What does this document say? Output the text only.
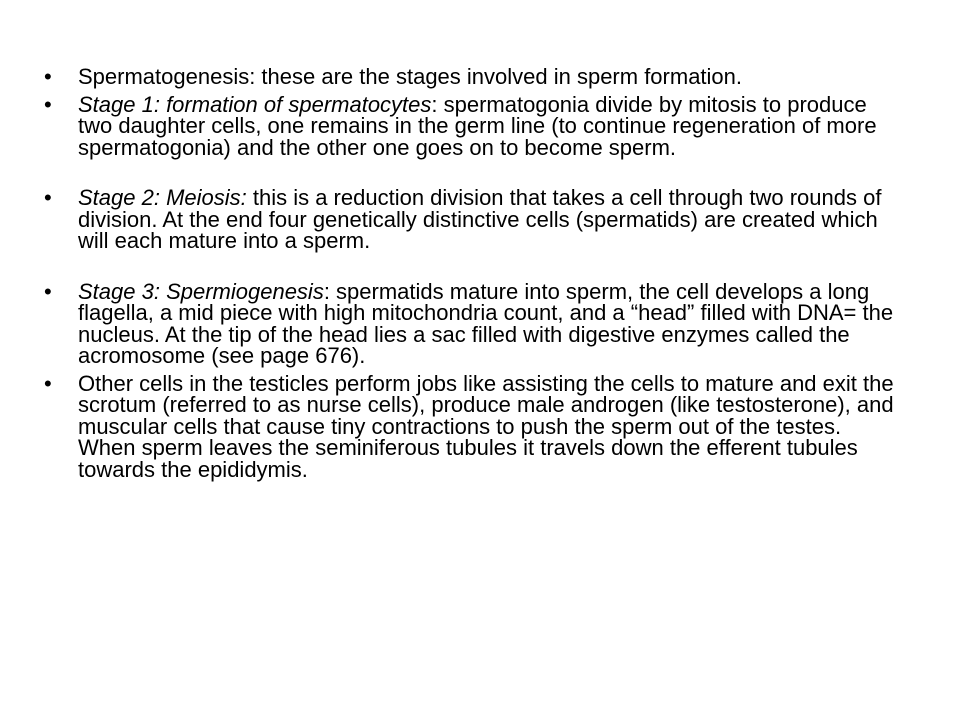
• Spermatogenesis: these are the stages involved in sperm formation.
• Stage 1: formation of spermatocytes: spermatogonia divide by mitosis to produce two daughter cells, one remains in the germ line (to continue regeneration of more spermatogonia) and the other one goes on to become sperm.
• Stage 2: Meiosis: this is a reduction division that takes a cell through two rounds of division. At the end four genetically distinctive cells (spermatids) are created which will each mature into a sperm.
• Stage 3: Spermiogenesis: spermatids mature into sperm, the cell develops a long flagella, a mid piece with high mitochondria count, and a “head” filled with DNA= the nucleus. At the tip of the head lies a sac filled with digestive enzymes called the acromosome (see page 676).
• Other cells in the testicles perform jobs like assisting the cells to mature and exit the scrotum (referred to as nurse cells), produce male androgen (like testosterone), and muscular cells that cause tiny contractions to push the sperm out of the testes. When sperm leaves the seminiferous tubules it travels down the efferent tubules towards the epididymis.
